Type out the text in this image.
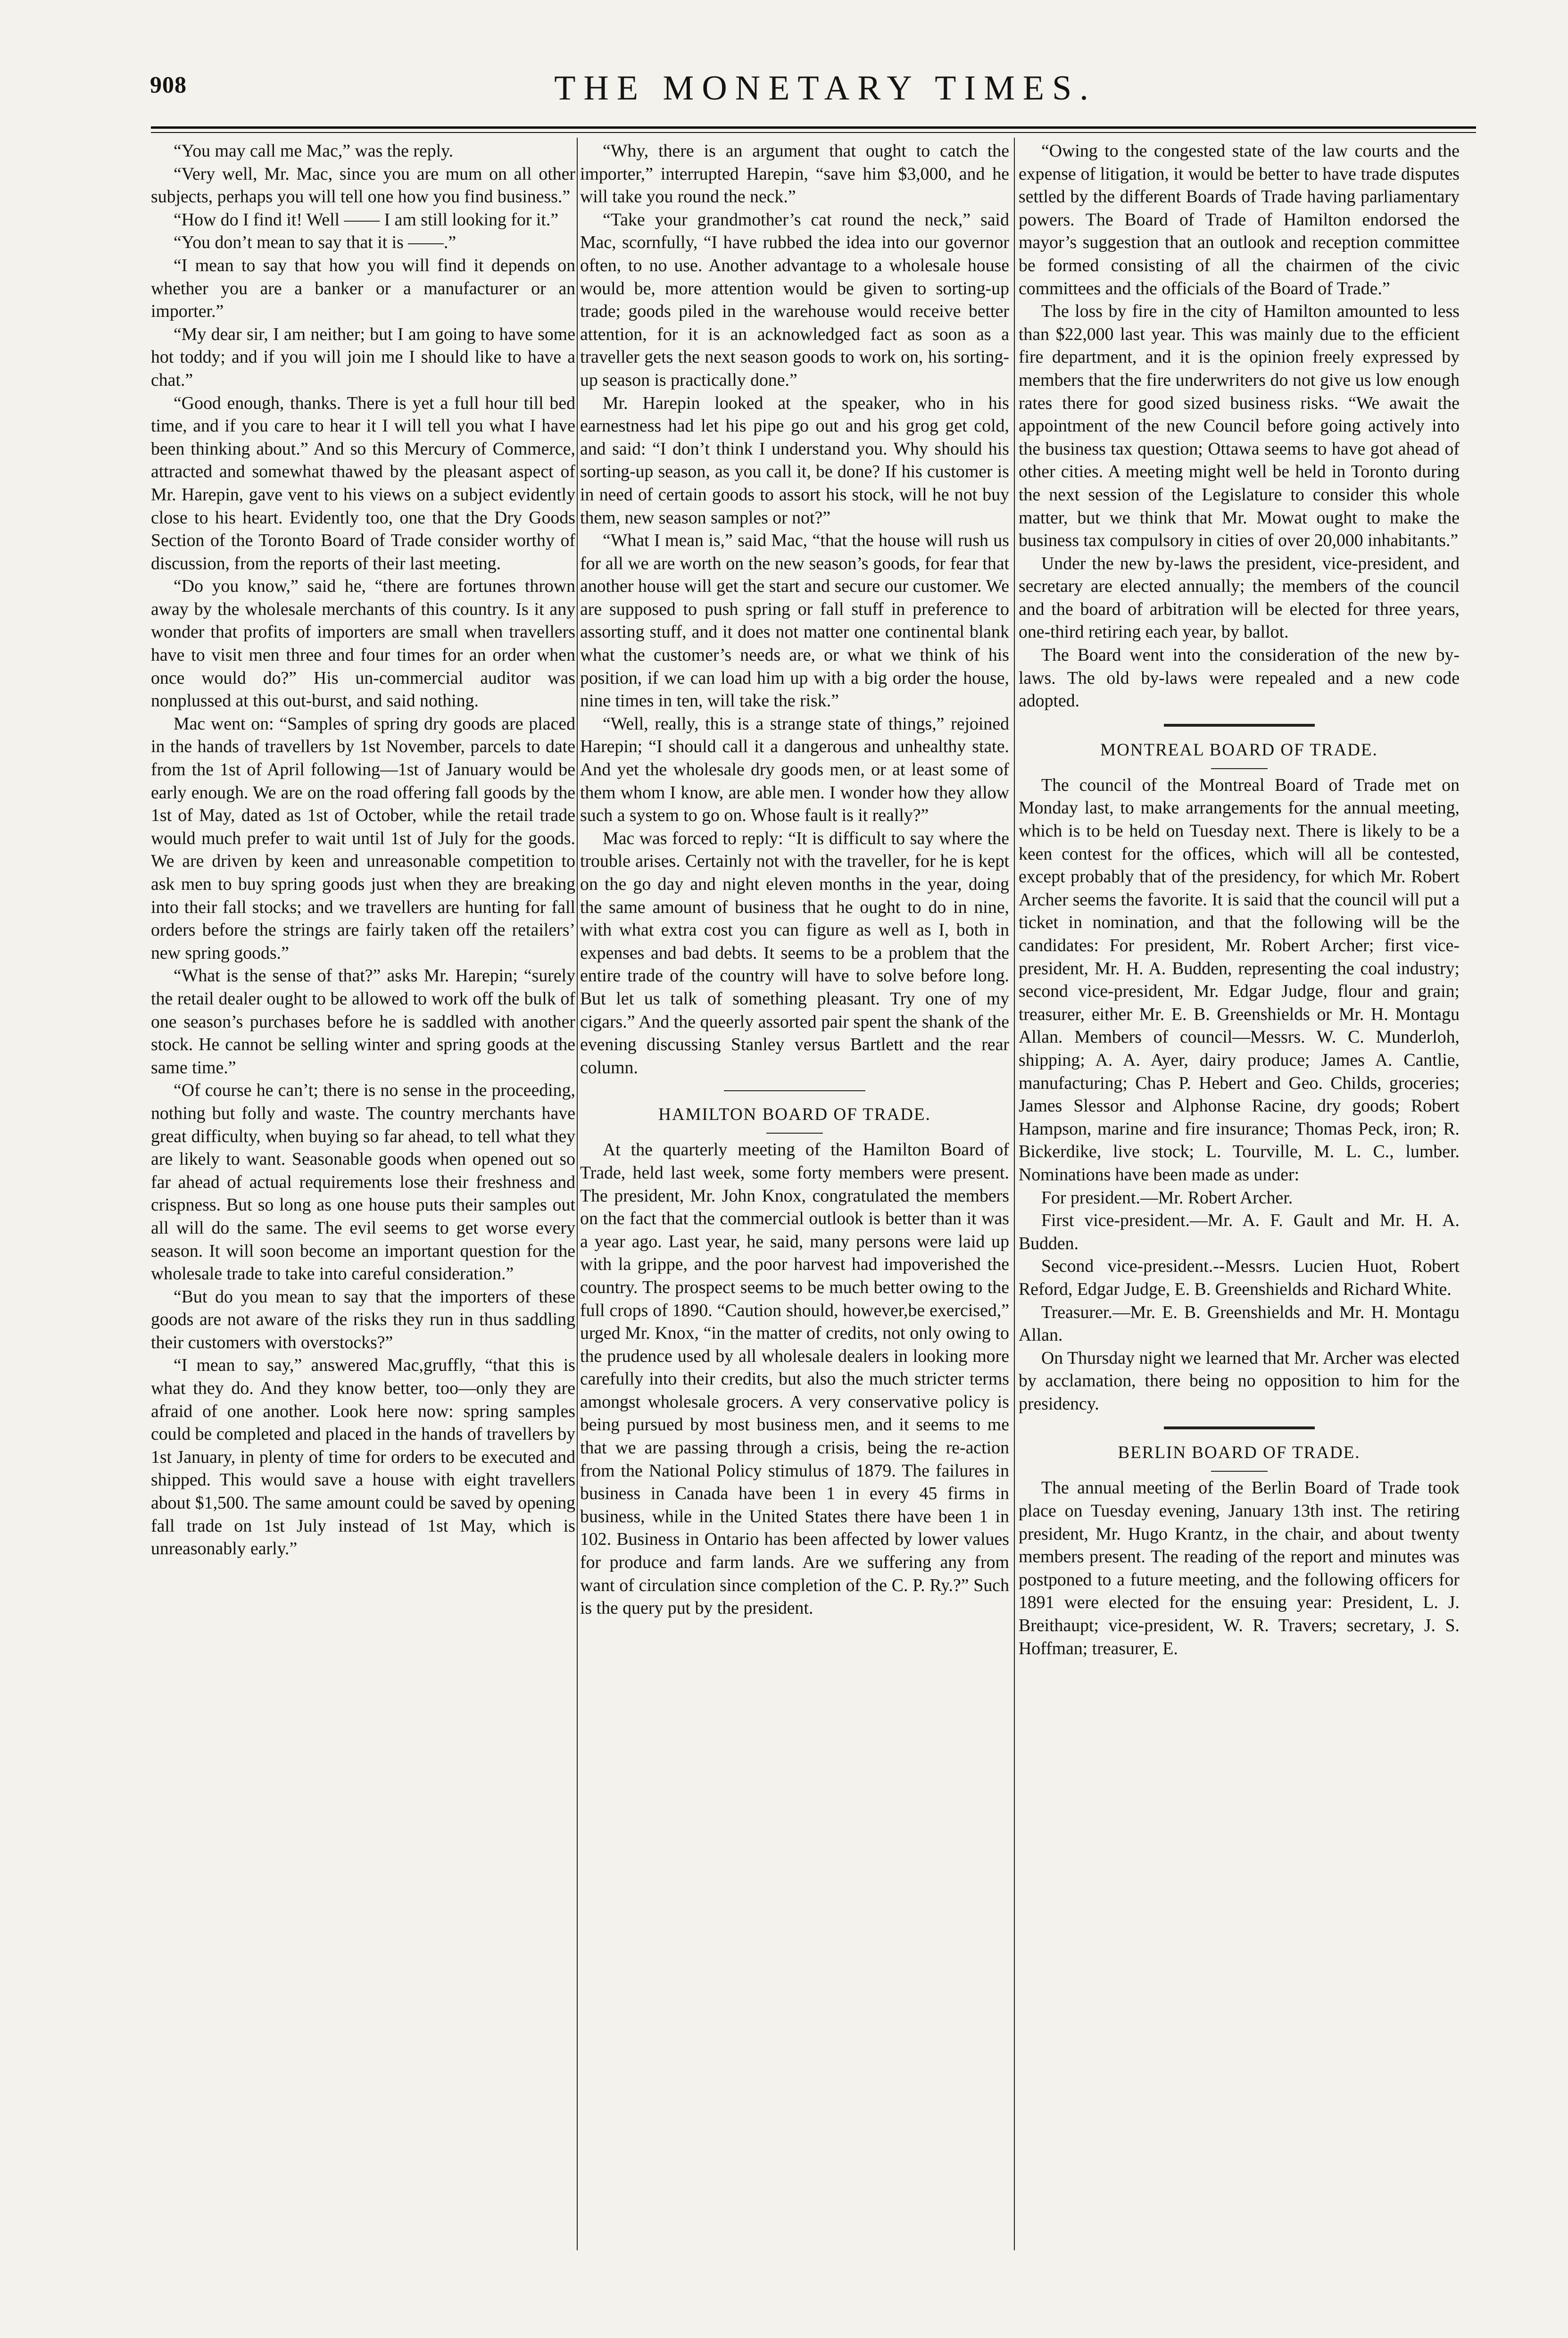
908	THE MONETARY TIMES.

“You may call me Mac,” was the reply.

“Very well, Mr. Mac, since you are mum on all other subjects, perhaps you will tell one how you find business.”

“How do I find it! Well —— I am still looking for it.”

“You don’t mean to say that it is ——.”

“I mean to say that how you will find it depends on whether you are a banker or a manufacturer or an importer.”

“My dear sir, I am neither; but I am going to have some hot toddy; and if you will join me I should like to have a chat.”

“Good enough, thanks. There is yet a full hour till bed time, and if you care to hear it I will tell you what I have been thinking about.” And so this Mercury of Commerce, attracted and somewhat thawed by the pleasant aspect of Mr. Harepin, gave vent to his views on a subject evidently close to his heart. Evidently too, one that the Dry Goods Section of the Toronto Board of Trade consider worthy of discussion, from the reports of their last meeting.

“Do you know,” said he, “there are fortunes thrown away by the wholesale merchants of this country. Is it any wonder that profits of importers are small when travellers have to visit men three and four times for an order when once would do?” His un-commercial auditor was nonplussed at this out-burst, and said nothing.

Mac went on: “Samples of spring dry goods are placed in the hands of travellers by 1st November, parcels to date from the 1st of April following—1st of January would be early enough. We are on the road offering fall goods by the 1st of May, dated as 1st of October, while the retail trade would much prefer to wait until 1st of July for the goods. We are driven by keen and unreasonable competition to ask men to buy spring goods just when they are breaking into their fall stocks; and we travellers are hunting for fall orders before the strings are fairly taken off the retailers’ new spring goods.”

“What is the sense of that?” asks Mr. Harepin; “surely the retail dealer ought to be allowed to work off the bulk of one season’s purchases before he is saddled with another stock. He cannot be selling winter and spring goods at the same time.”

“Of course he can’t; there is no sense in the proceeding, nothing but folly and waste. The country merchants have great difficulty, when buying so far ahead, to tell what they are likely to want. Seasonable goods when opened out so far ahead of actual requirements lose their freshness and crispness. But so long as one house puts their samples out all will do the same. The evil seems to get worse every season. It will soon become an important question for the wholesale trade to take into careful consideration.”

“But do you mean to say that the importers of these goods are not aware of the risks they run in thus saddling their customers with overstocks?”

“I mean to say,” answered Mac,gruffly, “that this is what they do. And they know better, too—only they are afraid of one another. Look here now: spring samples could be completed and placed in the hands of travellers by 1st January, in plenty of time for orders to be executed and shipped. This would save a house with eight travellers about $1,500. The same amount could be saved by opening fall trade on 1st July instead of 1st May, which is unreasonably early.”

“Why, there is an argument that ought to catch the importer,” interrupted Harepin, “save him $3,000, and he will take you round the neck.”

“Take your grandmother’s cat round the neck,” said Mac, scornfully, “I have rubbed the idea into our governor often, to no use. Another advantage to a wholesale house would be, more attention would be given to sorting-up trade; goods piled in the warehouse would receive better attention, for it is an acknowledged fact as soon as a traveller gets the next season goods to work on, his sorting-up season is practically done.”

Mr. Harepin looked at the speaker, who in his earnestness had let his pipe go out and his grog get cold, and said: “I don’t think I understand you. Why should his sorting-up season, as you call it, be done? If his customer is in need of certain goods to assort his stock, will he not buy them, new season samples or not?”

“What I mean is,” said Mac, “that the house will rush us for all we are worth on the new season’s goods, for fear that another house will get the start and secure our customer. We are supposed to push spring or fall stuff in preference to assorting stuff, and it does not matter one continental blank what the customer’s needs are, or what we think of his position, if we can load him up with a big order the house, nine times in ten, will take the risk.”

“Well, really, this is a strange state of things,” rejoined Harepin; “I should call it a dangerous and unhealthy state. And yet the wholesale dry goods men, or at least some of them whom I know, are able men. I wonder how they allow such a system to go on. Whose fault is it really?”

Mac was forced to reply: “It is difficult to say where the trouble arises. Certainly not with the traveller, for he is kept on the go day and night eleven months in the year, doing the same amount of business that he ought to do in nine, with what extra cost you can figure as well as I, both in expenses and bad debts. It seems to be a problem that the entire trade of the country will have to solve before long. But let us talk of something pleasant. Try one of my cigars.” And the queerly assorted pair spent the shank of the evening discussing Stanley versus Bartlett and the rear column.

HAMILTON BOARD OF TRADE.

At the quarterly meeting of the Hamilton Board of Trade, held last week, some forty members were present. The president, Mr. John Knox, congratulated the members on the fact that the commercial outlook is better than it was a year ago. Last year, he said, many persons were laid up with la grippe, and the poor harvest had impoverished the country. The prospect seems to be much better owing to the full crops of 1890. “Caution should, however,be exercised,” urged Mr. Knox, “in the matter of credits, not only owing to the prudence used by all wholesale dealers in looking more carefully into their credits, but also the much stricter terms amongst wholesale grocers. A very conservative policy is being pursued by most business men, and it seems to me that we are passing through a crisis, being the re-action from the National Policy stimulus of 1879. The failures in business in Canada have been 1 in every 45 firms in business, while in the United States there have been 1 in 102. Business in Ontario has been affected by lower values for produce and farm lands. Are we suffering any from want of circulation since completion of the C. P. Ry.?” Such is the query put by the president.

“Owing to the congested state of the law courts and the expense of litigation, it would be better to have trade disputes settled by the different Boards of Trade having parliamentary powers. The Board of Trade of Hamilton endorsed the mayor’s suggestion that an outlook and reception committee be formed consisting of all the chairmen of the civic committees and the officials of the Board of Trade.”

The loss by fire in the city of Hamilton amounted to less than $22,000 last year. This was mainly due to the efficient fire department, and it is the opinion freely expressed by members that the fire underwriters do not give us low enough rates there for good sized business risks. “We await the appointment of the new Council before going actively into the business tax question; Ottawa seems to have got ahead of other cities. A meeting might well be held in Toronto during the next session of the Legislature to consider this whole matter, but we think that Mr. Mowat ought to make the business tax compulsory in cities of over 20,000 inhabitants.”

Under the new by-laws the president, vice-president, and secretary are elected annually; the members of the council and the board of arbitration will be elected for three years, one-third retiring each year, by ballot.

The Board went into the consideration of the new by-laws. The old by-laws were repealed and a new code adopted.

MONTREAL BOARD OF TRADE.

The council of the Montreal Board of Trade met on Monday last, to make arrangements for the annual meeting, which is to be held on Tuesday next. There is likely to be a keen contest for the offices, which will all be contested, except probably that of the presidency, for which Mr. Robert Archer seems the favorite. It is said that the council will put a ticket in nomination, and that the following will be the candidates: For president, Mr. Robert Archer; first vice-president, Mr. H. A. Budden, representing the coal industry; second vice-president, Mr. Edgar Judge, flour and grain; treasurer, either Mr. E. B. Greenshields or Mr. H. Montagu Allan. Members of council—Messrs. W. C. Munderloh, shipping; A. A. Ayer, dairy produce; James A. Cantlie, manufacturing; Chas P. Hebert and Geo. Childs, groceries; James Slessor and Alphonse Racine, dry goods; Robert Hampson, marine and fire insurance; Thomas Peck, iron; R. Bickerdike, live stock; L. Tourville, M. L. C., lumber. Nominations have been made as under:

For president.—Mr. Robert Archer.

First vice-president.—Mr. A. F. Gault and Mr. H. A. Budden.

Second vice-president.--Messrs. Lucien Huot, Robert Reford, Edgar Judge, E. B. Greenshields and Richard White.

Treasurer.—Mr. E. B. Greenshields and Mr. H. Montagu Allan.

On Thursday night we learned that Mr. Archer was elected by acclamation, there being no opposition to him for the presidency.

BERLIN BOARD OF TRADE.

The annual meeting of the Berlin Board of Trade took place on Tuesday evening, January 13th inst. The retiring president, Mr. Hugo Krantz, in the chair, and about twenty members present. The reading of the report and minutes was postponed to a future meeting, and the following officers for 1891 were elected for the ensuing year: President, L. J. Breithaupt; vice-president, W. R. Travers; secretary, J. S. Hoffman; treasurer, E.
